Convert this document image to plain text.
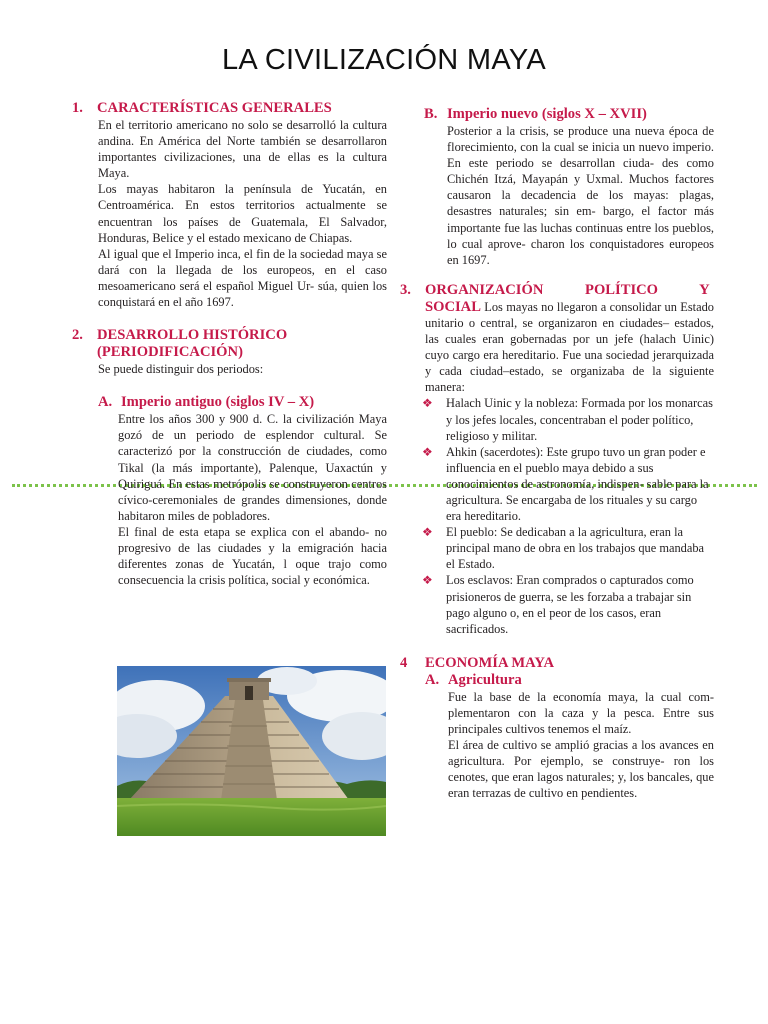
LA CIVILIZACIÓN MAYA
1. CARACTERÍSTICAS GENERALES

En el territorio americano no solo se desarrolló la cultura andina. En América del Norte también se desarrollaron importantes civilizaciones, una de ellas es la cultura Maya.

Los mayas habitaron la península de Yucatán, en Centroamérica. En estos territorios actualmente se encuentran los países de Guatemala, El Salvador, Honduras, Belice y el estado mexicano de Chiapas.

Al igual que el Imperio inca, el fin de la sociedad maya se dará con la llegada de los europeos, en el caso mesoamericano será el español Miguel Ur- súa, quien los conquistará en el año 1697.

2. DESARROLLO HISTÓRICO
(PERIODIFICACIÓN)

Se puede distinguir dos periodos:

A. Imperio antiguo (siglos IV – X)

Entre los años 300 y 900 d. C. la civilización Maya gozó de un periodo de esplendor cultural. Se caracterizó por la construcción de ciudades, como Tikal (la más importante), Palenque, Uaxactún y Quiriguá. En estas metrópolis se construyeron centros cívico-ceremoniales de grandes dimensiones, donde habitaron miles de pobladores.

El final de esta etapa se explica con el abando- no progresivo de las ciudades y la emigración hacia diferentes zonas de Yucatán, l oque trajo como consecuencia la crisis política, social y económica.

B. Imperio nuevo (siglos X – XVII)

Posterior a la crisis, se produce una nueva época de florecimiento, con la cual se inicia un nuevo imperio. En este periodo se desarrollan ciuda- des como Chichén Itzá, Mayapán y Uxmal. Muchos factores causaron la decadencia de los mayas: plagas, desastres naturales; sin em- bargo, el factor más importante fue las luchas continuas entre los pueblos, lo cual aprove- charon los conquistadores europeos en 1697.

3. ORGANIZACIÓN POLÍTICO Y

SOCIAL Los mayas no llegaron a consolidar un Estado unitario o central, se organizaron en ciudades– estados, las cuales eran gobernadas por un jefe (halach Uinic) cuyo cargo era hereditario. Fue una sociedad jerarquizada y cada ciudad–estado, se organizaba de la siguiente manera:

❖ Halach Uinic y la nobleza: Formada por los monarcas y los jefes locales, concentraban el poder político, religioso y militar.
❖ Ahkin (sacerdotes): Este grupo tuvo un gran poder e influencia en el pueblo maya debido a sus conocimientos de astronomía, indispen- sable para la agricultura. Se encargaba de los rituales y su cargo era hereditario.
❖ El pueblo: Se dedicaban a la agricultura, eran la principal mano de obra en los trabajos que mandaba el Estado.
❖ Los esclavos: Eran comprados o capturados como prisioneros de guerra, se les forzaba a trabajar sin pago alguno o, en el peor de los casos, eran sacrificados.
4	ECONOMÍA MAYA
A. Agricultura

Fue la base de la economía maya, la cual com- plementaron con la caza y la pesca. Entre sus principales cultivos tenemos el maíz.

El área de cultivo se amplió gracias a los avances en agricultura. Por ejemplo, se construye- ron los cenotes, que eran lagos naturales; y, los bancales, que eran terrazas de cultivo en pendientes.
